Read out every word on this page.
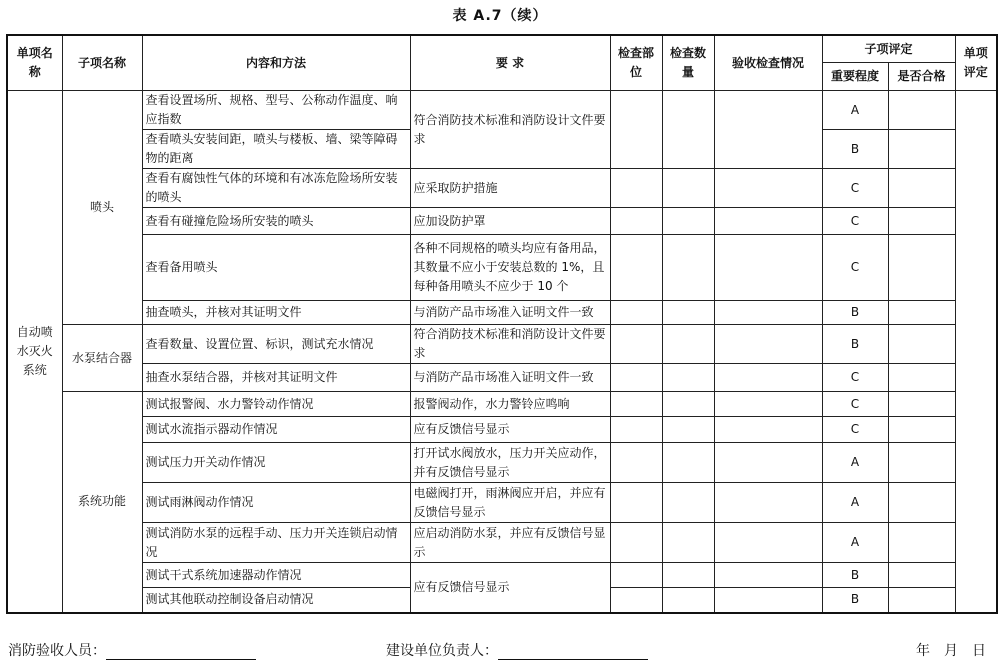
表 A.7（续）
单项名称	子项名称	内容和方法	要 求	检查部位	检查数量	验收检查情况	子项评定		单项评定
							重要程度	是否合格	
自动喷水灭火系统	喷头	查看设置场所、规格、型号、公称动作温度、响应指数	符合消防技术标准和消防设计文件要求				A		
		查看喷头安装间距，喷头与楼板、墙、梁等障碍物的距离					B		
		查看有腐蚀性气体的环境和有冰冻危险场所安装的喷头	应采取防护措施				C		
		查看有碰撞危险场所安装的喷头	应加设防护罩				C		
		查看备用喷头	各种不同规格的喷头均应有备用品，其数量不应小于安装总数的 1%，且每种备用喷头不应少于 10 个				C		
		抽查喷头，并核对其证明文件	与消防产品市场准入证明文件一致				B		
	水泵结合器	查看数量、设置位置、标识，测试充水情况	符合消防技术标准和消防设计文件要求				B		
		抽查水泵结合器，并核对其证明文件	与消防产品市场准入证明文件一致				C		
	系统功能	测试报警阀、水力警铃动作情况	报警阀动作，水力警铃应鸣响				C		
		测试水流指示器动作情况	应有反馈信号显示				C		
		测试压力开关动作情况	打开试水阀放水，压力开关应动作，并有反馈信号显示				A		
		测试雨淋阀动作情况	电磁阀打开，雨淋阀应开启，并应有反馈信号显示				A		
		测试消防水泵的远程手动、压力开关连锁启动情况	应启动消防水泵，并应有反馈信号显示				A		
		测试干式系统加速器动作情况	应有反馈信号显示				B		
		测试其他联动控制设备启动情况					B		
消防验收人员：	建设单位负责人：	年　月　日
